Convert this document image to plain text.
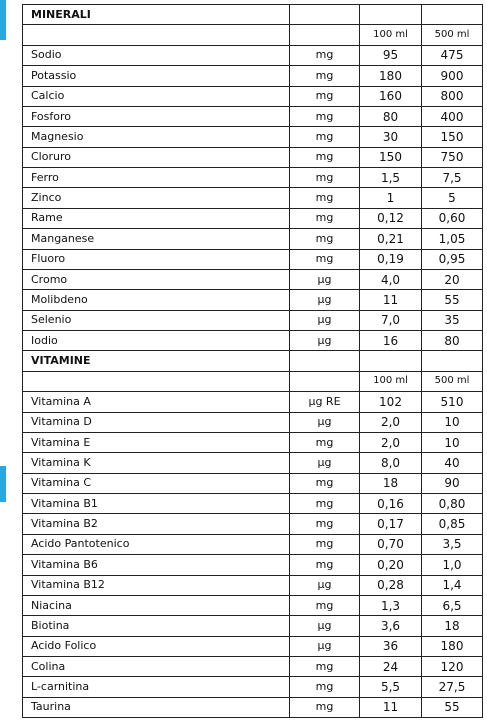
MINERALI			
		100 ml	500 ml
Sodio	mg	95	475
Potassio	mg	180	900
Calcio	mg	160	800
Fosforo	mg	80	400
Magnesio	mg	30	150
Cloruro	mg	150	750
Ferro	mg	1,5	7,5
Zinco	mg	1	5
Rame	mg	0,12	0,60
Manganese	mg	0,21	1,05
Fluoro	mg	0,19	0,95
Cromo	µg	4,0	20
Molibdeno	µg	11	55
Selenio	µg	7,0	35
Iodio	µg	16	80
VITAMINE			
		100 ml	500 ml
Vitamina A	µg RE	102	510
Vitamina D	µg	2,0	10
Vitamina E	mg	2,0	10
Vitamina K	µg	8,0	40
Vitamina C	mg	18	90
Vitamina B1	mg	0,16	0,80
Vitamina B2	mg	0,17	0,85
Acido Pantotenico	mg	0,70	3,5
Vitamina B6	mg	0,20	1,0
Vitamina B12	µg	0,28	1,4
Niacina	mg	1,3	6,5
Biotina	µg	3,6	18
Acido Folico	µg	36	180
Colina	mg	24	120
L-carnitina	mg	5,5	27,5
Taurina	mg	11	55
